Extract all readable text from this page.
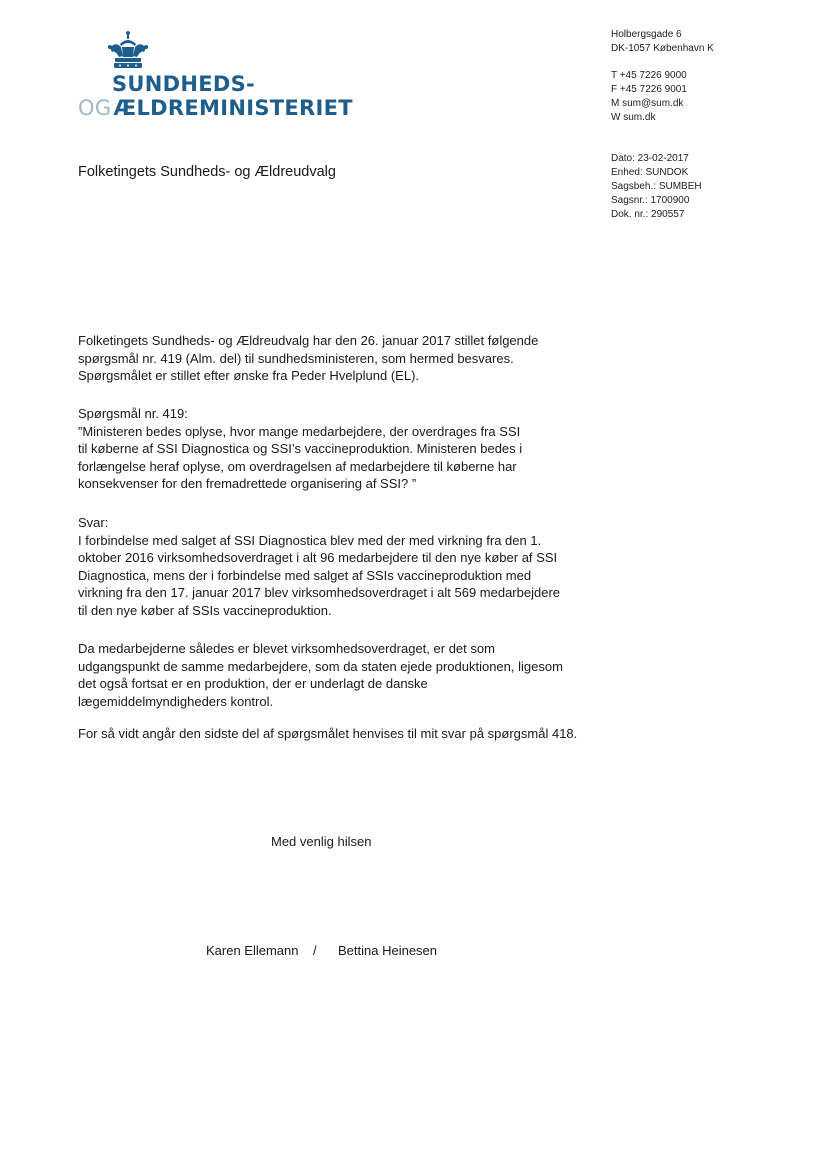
SUNDHEDS-
OGÆLDREMINISTERIET
Holbergsgade 6
DK-1057 København K
T +45 7226 9000
F +45 7226 9001
M sum@sum.dk
W sum.dk
Dato: 23-02-2017
Enhed: SUNDOK
Sagsbeh.: SUMBEH
Sagsnr.: 1700900
Dok. nr.: 290557
Folketingets Sundheds- og Ældreudvalg
Folketingets Sundheds- og Ældreudvalg har den 26. januar 2017 stillet følgende
spørgsmål nr. 419 (Alm. del) til sundhedsministeren, som hermed besvares.
Spørgsmålet er stillet efter ønske fra Peder Hvelplund (EL).
Spørgsmål nr. 419:
”Ministeren bedes oplyse, hvor mange medarbejdere, der overdrages fra SSI
til køberne af SSI Diagnostica og SSI’s vaccineproduktion. Ministeren bedes i
forlængelse heraf oplyse, om overdragelsen af medarbejdere til køberne har
konsekvenser for den fremadrettede organisering af SSI? ”
Svar:
I forbindelse med salget af SSI Diagnostica blev med der med virkning fra den 1.
oktober 2016 virksomhedsoverdraget i alt 96 medarbejdere til den nye køber af SSI
Diagnostica, mens der i forbindelse med salget af SSIs vaccineproduktion med
virkning fra den 17. januar 2017 blev virksomhedsoverdraget i alt 569 medarbejdere
til den nye køber af SSIs vaccineproduktion.
Da medarbejderne således er blevet virksomhedsoverdraget, er det som
udgangspunkt de samme medarbejdere, som da staten ejede produktionen, ligesom
det også fortsat er en produktion, der er underlagt de danske
lægemiddelmyndigheders kontrol.
For så vidt angår den sidste del af spørgsmålet henvises til mit svar på spørgsmål 418.
Med venlig hilsen
Karen Ellemann / Bettina Heinesen
